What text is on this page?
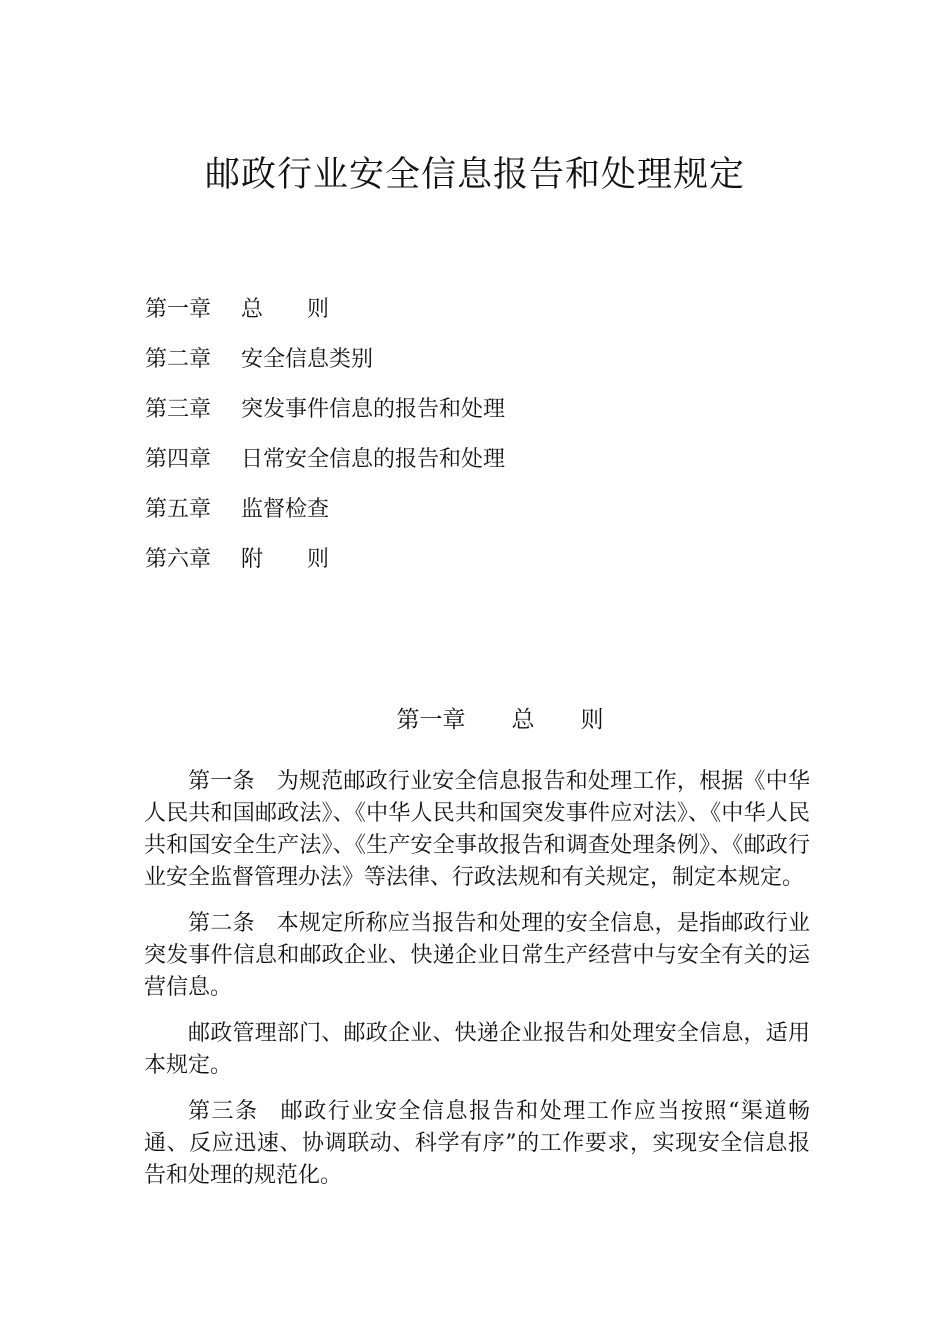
邮政行业安全信息报告和处理规定
第一章 总　　则
第二章 安全信息类别
第三章 突发事件信息的报告和处理
第四章 日常安全信息的报告和处理
第五章 监督检查
第六章 附　　则
第一章　　总　　则

第一条 为规范邮政行业安全信息报告和处理工作，根据《中华人民共和国邮政法》、《中华人民共和国突发事件应对法》、《中华人民共和国安全生产法》、《生产安全事故报告和调查处理条例》、《邮政行业安全监督管理办法》等法律、行政法规和有关规定，制定本规定。

第二条 本规定所称应当报告和处理的安全信息，是指邮政行业突发事件信息和邮政企业、快递企业日常生产经营中与安全有关的运营信息。

邮政管理部门、邮政企业、快递企业报告和处理安全信息，适用本规定。

第三条 邮政行业安全信息报告和处理工作应当按照“渠道畅通、反应迅速、协调联动、科学有序”的工作要求，实现安全信息报告和处理的规范化。
